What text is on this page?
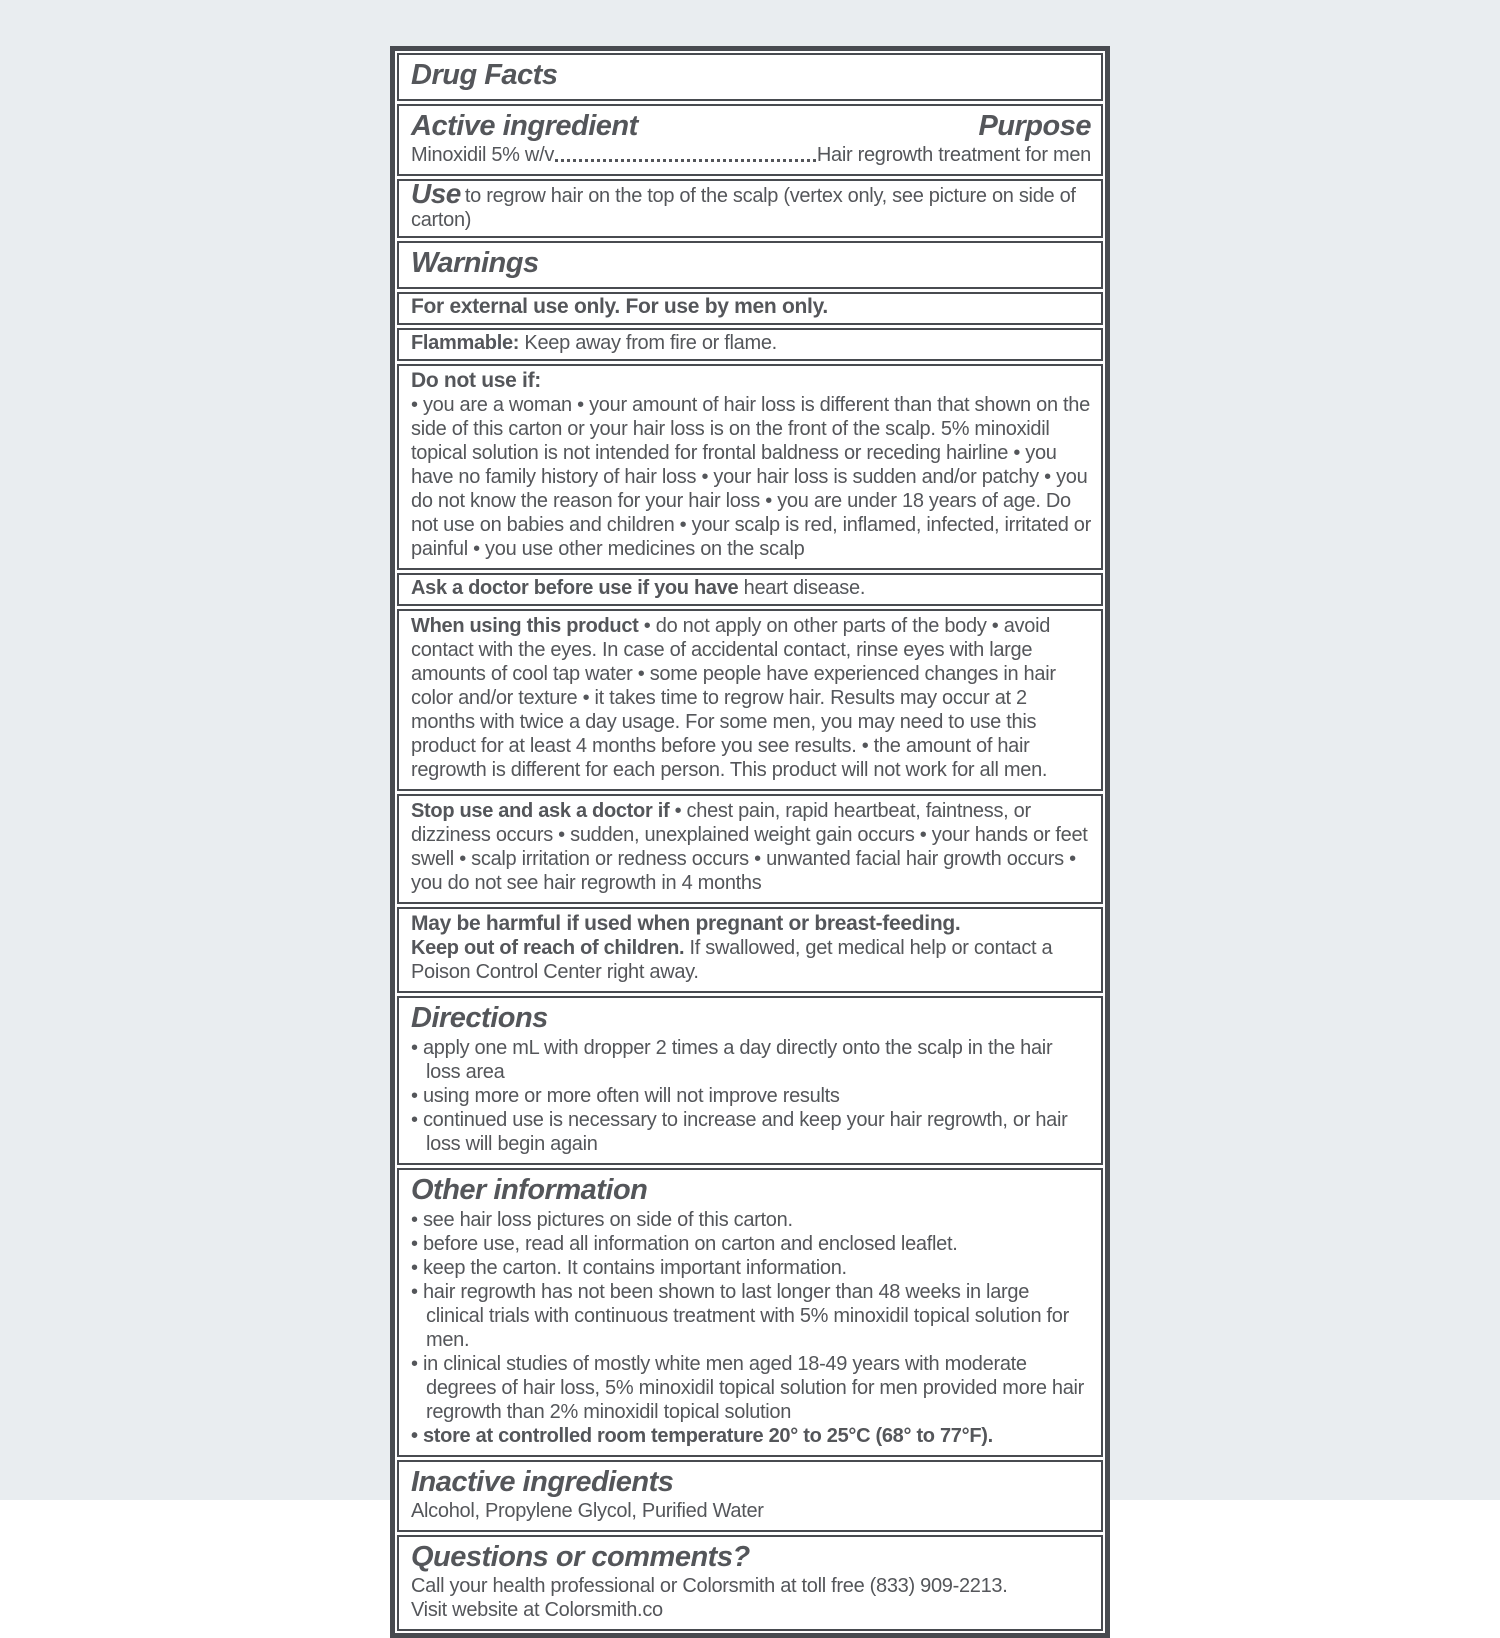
Drug Facts
Active ingredient	Purpose
Minoxidil 5% w/v	Hair regrowth treatment for men

Use to regrow hair on the top of the scalp (vertex only, see picture on side of carton)

Warnings

For external use only. For use by men only.

Flammable: Keep away from fire or flame.

Do not use if:

• you are a woman • your amount of hair loss is different than that shown on the side of this carton or your hair loss is on the front of the scalp. 5% minoxidil topical solution is not intended for frontal baldness or receding hairline • you have no family history of hair loss • your hair loss is sudden and/or patchy • you do not know the reason for your hair loss • you are under 18 years of age. Do not use on babies and children • your scalp is red, inflamed, infected, irritated or painful • you use other medicines on the scalp

Ask a doctor before use if you have heart disease.

When using this product • do not apply on other parts of the body • avoid contact with the eyes. In case of accidental contact, rinse eyes with large amounts of cool tap water • some people have experienced changes in hair color and/or texture • it takes time to regrow hair. Results may occur at 2 months with twice a day usage. For some men, you may need to use this product for at least 4 months before you see results. • the amount of hair regrowth is different for each person. This product will not work for all men.

Stop use and ask a doctor if • chest pain, rapid heartbeat, faintness, or dizziness occurs • sudden, unexplained weight gain occurs • your hands or feet swell • scalp irritation or redness occurs • unwanted facial hair growth occurs • you do not see hair regrowth in 4 months

May be harmful if used when pregnant or breast-feeding.

Keep out of reach of children. If swallowed, get medical help or contact a Poison Control Center right away.

Directions
• apply one mL with dropper 2 times a day directly onto the scalp in the hair loss area
• using more or more often will not improve results
• continued use is necessary to increase and keep your hair regrowth, or hair loss will begin again
Other information
• see hair loss pictures on side of this carton.
• before use, read all information on carton and enclosed leaflet.
• keep the carton. It contains important information.
• hair regrowth has not been shown to last longer than 48 weeks in large clinical trials with continuous treatment with 5% minoxidil topical solution for men.
• in clinical studies of mostly white men aged 18-49 years with moderate degrees of hair loss, 5% minoxidil topical solution for men provided more hair regrowth than 2% minoxidil topical solution
• store at controlled room temperature 20° to 25°C (68° to 77°F).
Inactive ingredients

Alcohol, Propylene Glycol, Purified Water

Questions or comments?

Call your health professional or Colorsmith at toll free (833) 909-2213.

Visit website at Colorsmith.co
